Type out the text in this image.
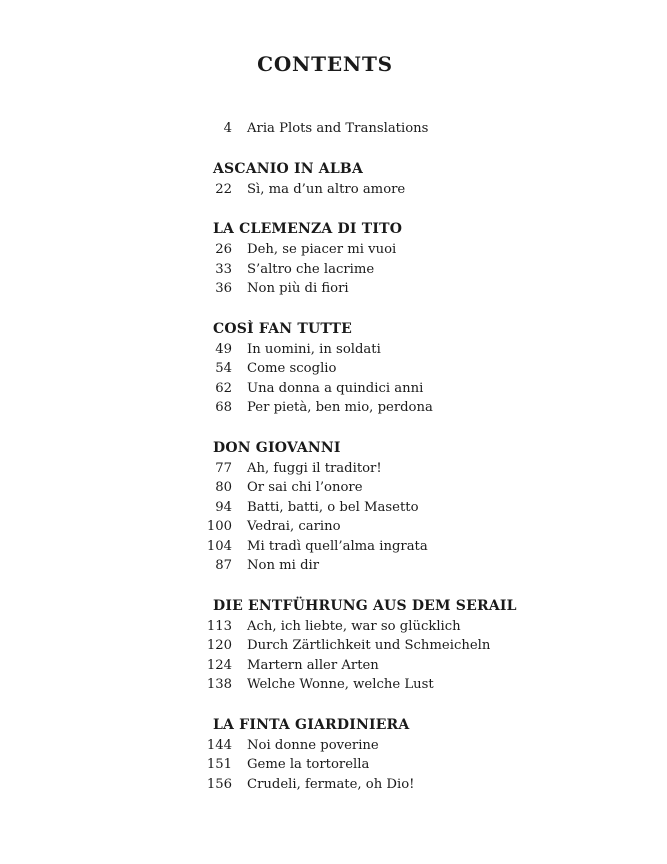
CONTENTS
4 Aria Plots and Translations
ASCANIO IN ALBA
22 Sì, ma d’un altro amore
LA CLEMENZA DI TITO
26 Deh, se piacer mi vuoi
33 S’altro che lacrime
36 Non più di fiori
COSÌ FAN TUTTE
49 In uomini, in soldati
54 Come scoglio
62 Una donna a quindici anni
68 Per pietà, ben mio, perdona
DON GIOVANNI
77 Ah, fuggi il traditor!
80 Or sai chi l’onore
94 Batti, batti, o bel Masetto
100 Vedrai, carino
104 Mi tradì quell’alma ingrata
87 Non mi dir
DIE ENTFÜHRUNG AUS DEM SERAIL
113 Ach, ich liebte, war so glücklich
120 Durch Zärtlichkeit und Schmeicheln
124 Martern aller Arten
138 Welche Wonne, welche Lust
LA FINTA GIARDINIERA
144 Noi donne poverine
151 Geme la tortorella
156 Crudeli, fermate, oh Dio!
